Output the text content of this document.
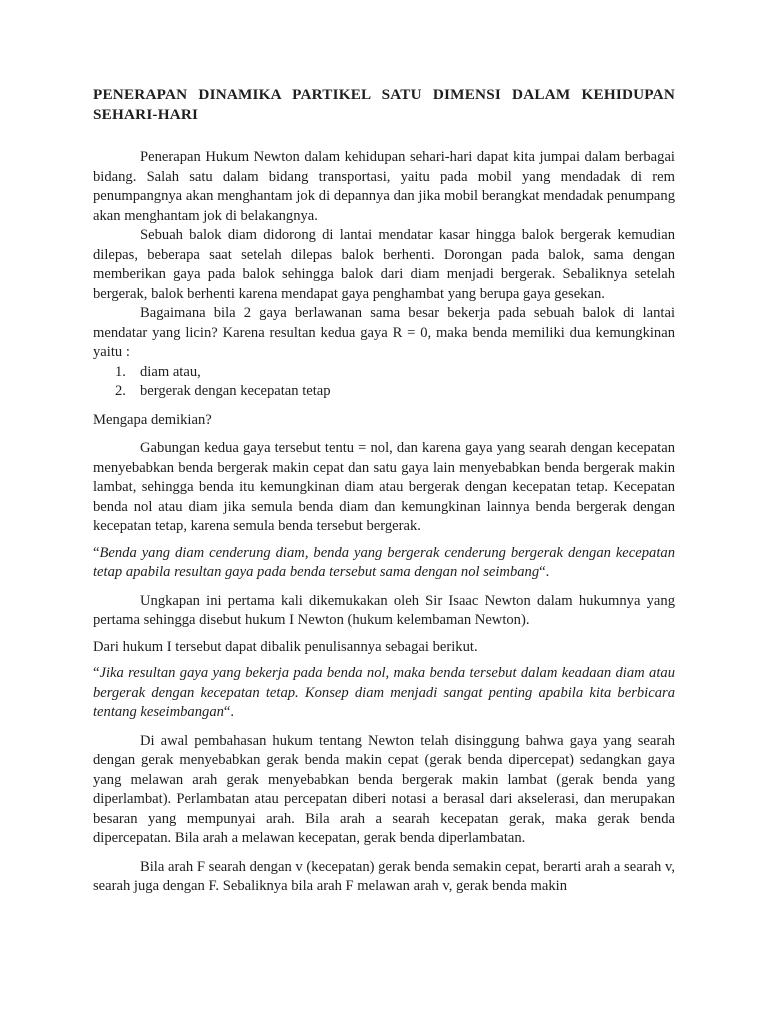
PENERAPAN DINAMIKA PARTIKEL SATU DIMENSI DALAM KEHIDUPAN SEHARI-HARI

Penerapan Hukum Newton dalam kehidupan sehari-hari dapat kita jumpai dalam berbagai bidang. Salah satu dalam bidang transportasi, yaitu pada mobil yang mendadak di rem penumpangnya akan menghantam jok di depannya dan jika mobil berangkat mendadak penumpang akan menghantam jok di belakangnya.

Sebuah balok diam didorong di lantai mendatar kasar hingga balok bergerak kemudian dilepas, beberapa saat setelah dilepas balok berhenti. Dorongan pada balok, sama dengan memberikan gaya pada balok sehingga balok dari diam menjadi bergerak. Sebaliknya setelah bergerak, balok berhenti karena mendapat gaya penghambat yang berupa gaya gesekan.

Bagaimana bila 2 gaya berlawanan sama besar bekerja pada sebuah balok di lantai mendatar yang licin? Karena resultan kedua gaya R = 0, maka benda memiliki dua kemungkinan yaitu :

1. diam atau,
2. bergerak dengan kecepatan tetap

Mengapa demikian?

Gabungan kedua gaya tersebut tentu = nol, dan karena gaya yang searah dengan kecepatan menyebabkan benda bergerak makin cepat dan satu gaya lain menyebabkan benda bergerak makin lambat, sehingga benda itu kemungkinan diam atau bergerak dengan kecepatan tetap. Kecepatan benda nol atau diam jika semula benda diam dan kemungkinan lainnya benda bergerak dengan kecepatan tetap, karena semula benda tersebut bergerak.

“Benda yang diam cenderung diam, benda yang bergerak cenderung bergerak dengan kecepatan tetap apabila resultan gaya pada benda tersebut sama dengan nol seimbang“.

Ungkapan ini pertama kali dikemukakan oleh Sir Isaac Newton dalam hukumnya yang pertama sehingga disebut hukum I Newton (hukum kelembaman Newton).

Dari hukum I tersebut dapat dibalik penulisannya sebagai berikut.

“Jika resultan gaya yang bekerja pada benda nol, maka benda tersebut dalam keadaan diam atau bergerak dengan kecepatan tetap. Konsep diam menjadi sangat penting apabila kita berbicara tentang keseimbangan“.

Di awal pembahasan hukum tentang Newton telah disinggung bahwa gaya yang searah dengan gerak menyebabkan gerak benda makin cepat (gerak benda dipercepat) sedangkan gaya yang melawan arah gerak menyebabkan benda bergerak makin lambat (gerak benda yang diperlambat). Perlambatan atau percepatan diberi notasi a berasal dari akselerasi, dan merupakan besaran yang mempunyai arah. Bila arah a searah kecepatan gerak, maka gerak benda dipercepatan. Bila arah a melawan kecepatan, gerak benda diperlambatan.

Bila arah F searah dengan v (kecepatan) gerak benda semakin cepat, berarti arah a searah v, searah juga dengan F. Sebaliknya bila arah F melawan arah v, gerak benda makin
